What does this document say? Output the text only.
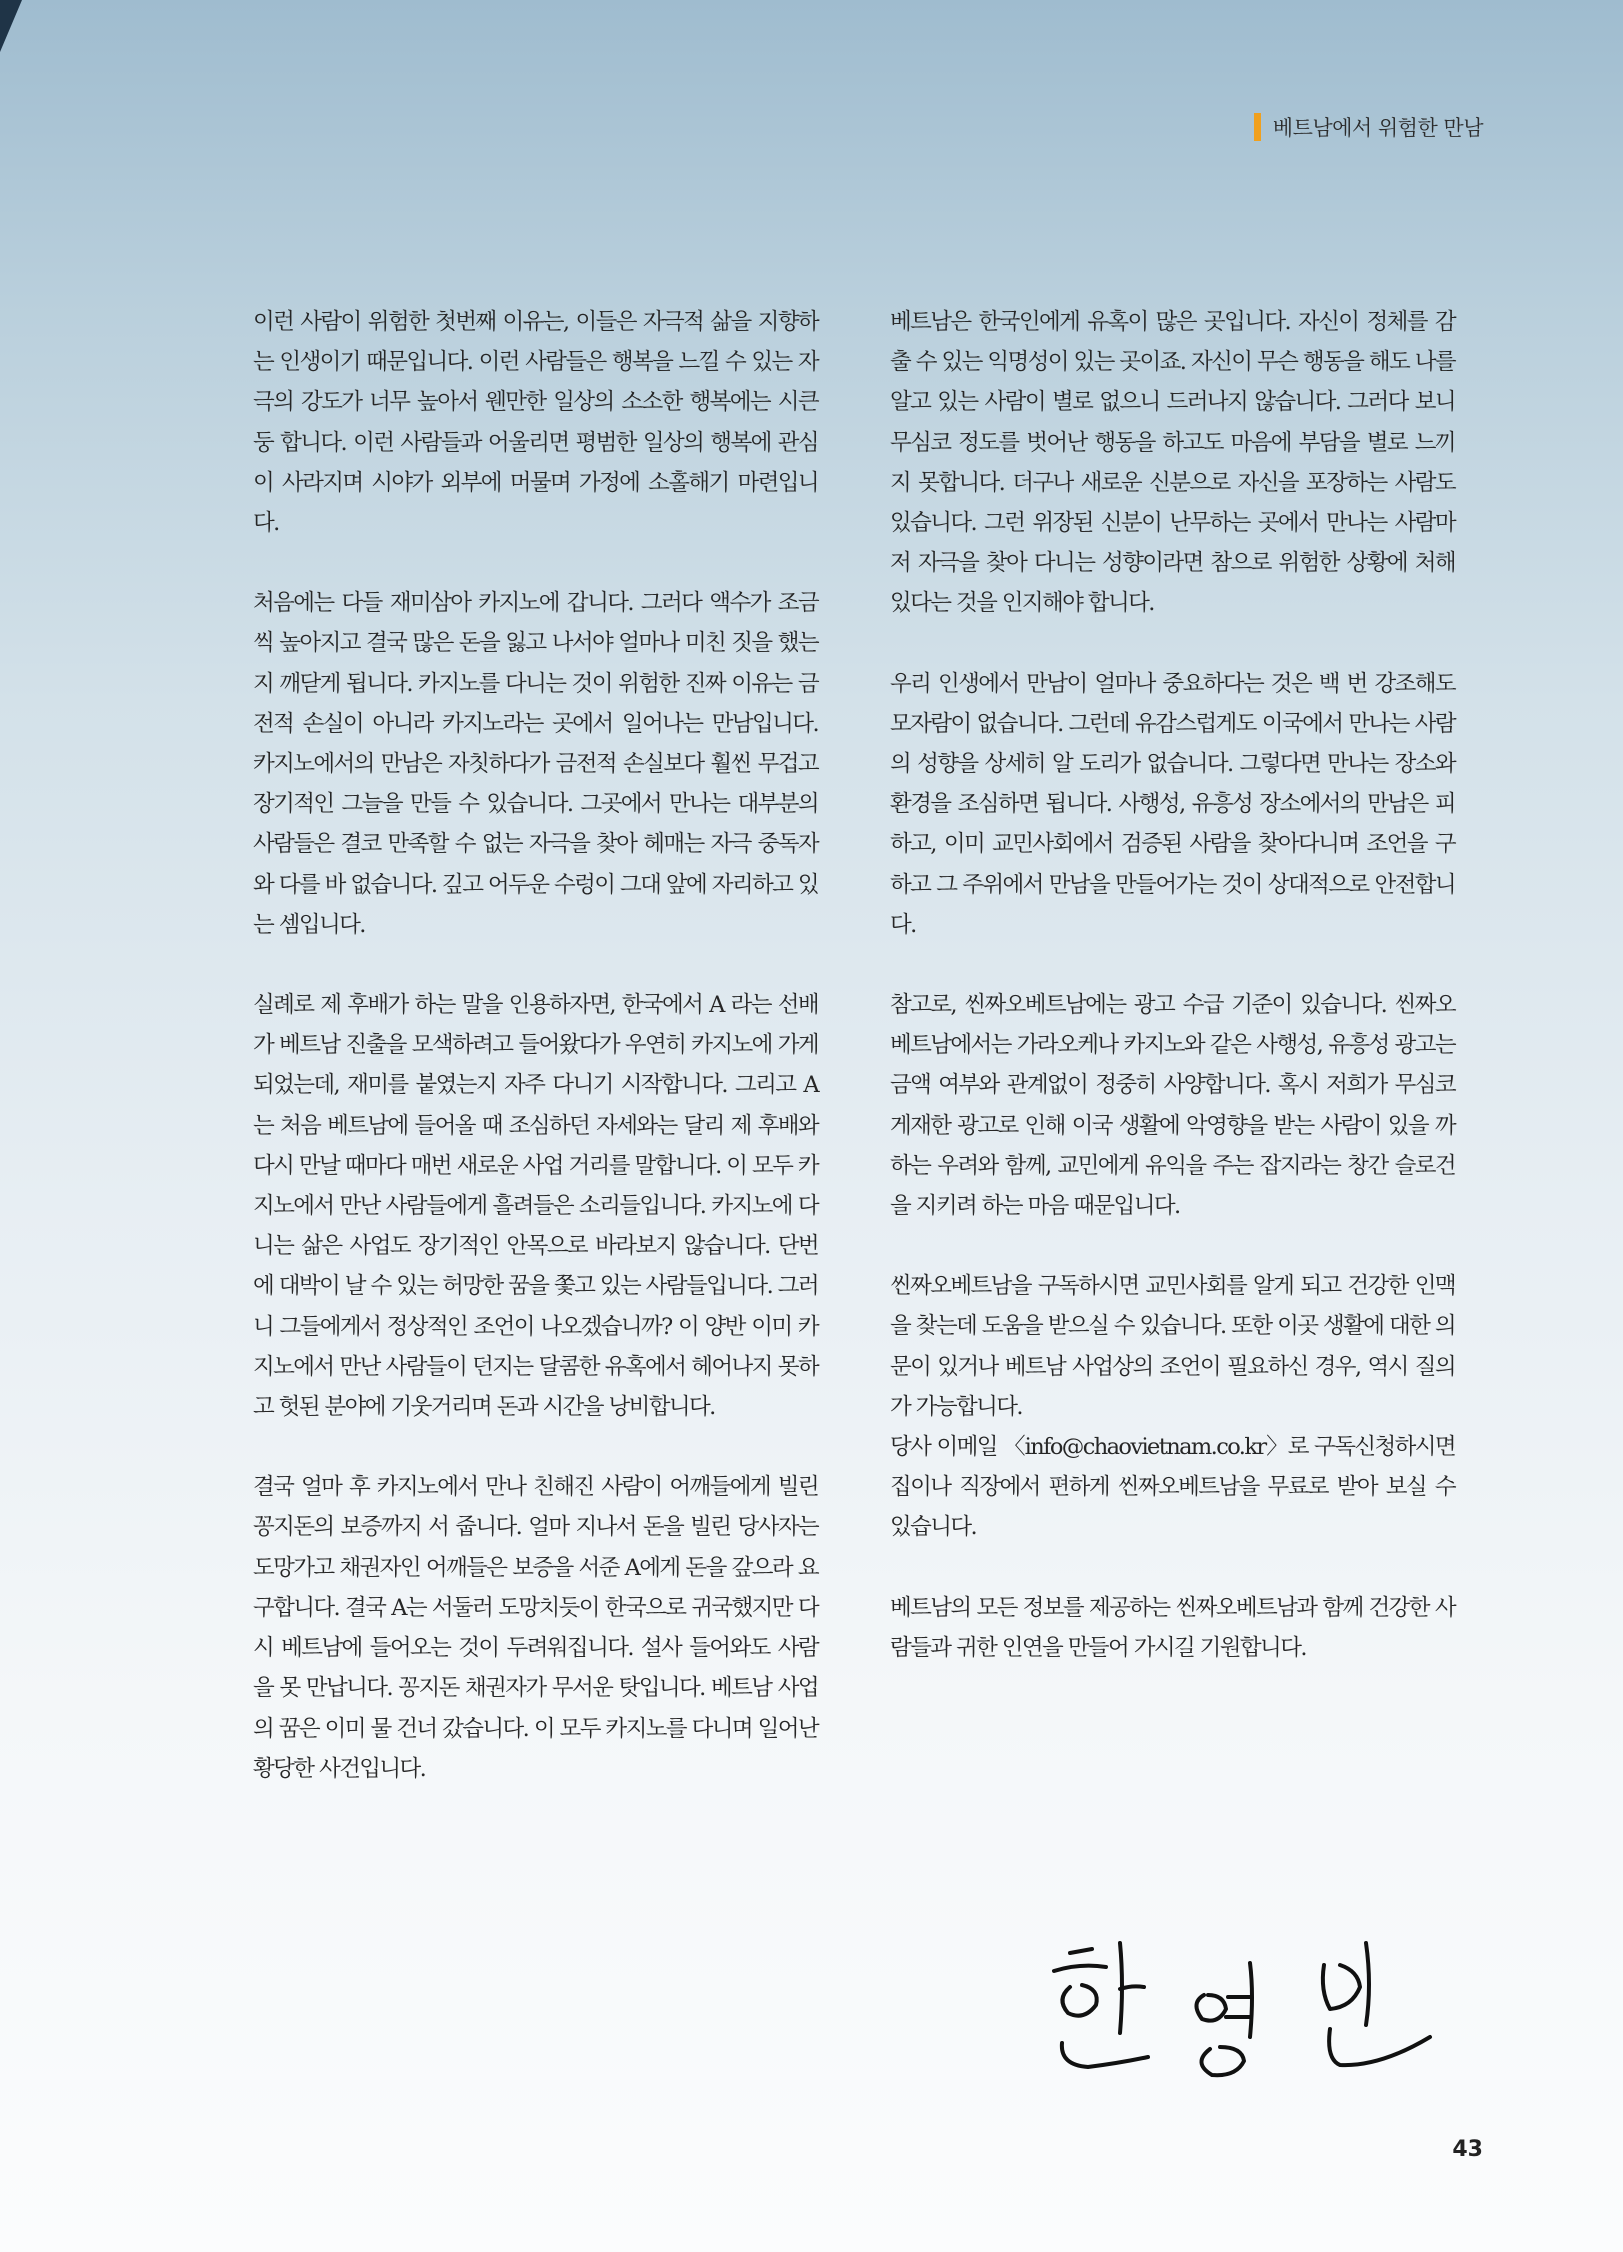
베트남에서 위험한 만남

이런 사람이 위험한 첫번째 이유는, 이들은 자극적 삶을 지향하는 인생이기 때문입니다. 이런 사람들은 행복을 느낄 수 있는 자극의 강도가 너무 높아서 웬만한 일상의 소소한 행복에는 시큰둥 합니다. 이런 사람들과 어울리면 평범한 일상의 행복에 관심이 사라지며 시야가 외부에 머물며 가정에 소홀해기 마련입니다.

처음에는 다들 재미삼아 카지노에 갑니다. 그러다 액수가 조금씩 높아지고 결국 많은 돈을 잃고 나서야 얼마나 미친 짓을 했는지 깨닫게 됩니다. 카지노를 다니는 것이 위험한 진짜 이유는 금전적 손실이 아니라 카지노라는 곳에서 일어나는 만남입니다. 카지노에서의 만남은 자칫하다가 금전적 손실보다 훨씬 무겁고 장기적인 그늘을 만들 수 있습니다. 그곳에서 만나는 대부분의 사람들은 결코 만족할 수 없는 자극을 찾아 헤매는 자극 중독자와 다를 바 없습니다. 깊고 어두운 수렁이 그대 앞에 자리하고 있는 셈입니다.

실례로 제 후배가 하는 말을 인용하자면, 한국에서 A 라는 선배가 베트남 진출을 모색하려고 들어왔다가 우연히 카지노에 가게 되었는데, 재미를 붙였는지 자주 다니기 시작합니다. 그리고 A는 처음 베트남에 들어올 때 조심하던 자세와는 달리 제 후배와 다시 만날 때마다 매번 새로운 사업 거리를 말합니다. 이 모두 카지노에서 만난 사람들에게 흘려들은 소리들입니다. 카지노에 다니는 삶은 사업도 장기적인 안목으로 바라보지 않습니다. 단번에 대박이 날 수 있는 허망한 꿈을 쫓고 있는 사람들입니다. 그러니 그들에게서 정상적인 조언이 나오겠습니까? 이 양반 이미 카지노에서 만난 사람들이 던지는 달콤한 유혹에서 헤어나지 못하고 헛된 분야에 기웃거리며 돈과 시간을 낭비합니다.

결국 얼마 후 카지노에서 만나 친해진 사람이 어깨들에게 빌린 꽁지돈의 보증까지 서 줍니다. 얼마 지나서 돈을 빌린 당사자는 도망가고 채권자인 어깨들은 보증을 서준 A에게 돈을 갚으라 요구합니다. 결국 A는 서둘러 도망치듯이 한국으로 귀국했지만 다시 베트남에 들어오는 것이 두려워집니다. 설사 들어와도 사람을 못 만납니다. 꽁지돈 채권자가 무서운 탓입니다. 베트남 사업의 꿈은 이미 물 건너 갔습니다. 이 모두 카지노를 다니며 일어난 황당한 사건입니다.

베트남은 한국인에게 유혹이 많은 곳입니다. 자신이 정체를 감출 수 있는 익명성이 있는 곳이죠. 자신이 무슨 행동을 해도 나를 알고 있는 사람이 별로 없으니 드러나지 않습니다. 그러다 보니 무심코 정도를 벗어난 행동을 하고도 마음에 부담을 별로 느끼지 못합니다. 더구나 새로운 신분으로 자신을 포장하는 사람도 있습니다. 그런 위장된 신분이 난무하는 곳에서 만나는 사람마저 자극을 찾아 다니는 성향이라면 참으로 위험한 상황에 처해있다는 것을 인지해야 합니다.

우리 인생에서 만남이 얼마나 중요하다는 것은 백 번 강조해도 모자람이 없습니다. 그런데 유감스럽게도 이국에서 만나는 사람의 성향을 상세히 알 도리가 없습니다. 그렇다면 만나는 장소와 환경을 조심하면 됩니다. 사행성, 유흥성 장소에서의 만남은 피하고, 이미 교민사회에서 검증된 사람을 찾아다니며 조언을 구하고 그 주위에서 만남을 만들어가는 것이 상대적으로 안전합니다.

참고로, 씬짜오베트남에는 광고 수급 기준이 있습니다. 씬짜오베트남에서는 가라오케나 카지노와 같은 사행성, 유흥성 광고는 금액 여부와 관계없이 정중히 사양합니다. 혹시 저희가 무심코 게재한 광고로 인해 이국 생활에 악영향을 받는 사람이 있을 까 하는 우려와 함께, 교민에게 유익을 주는 잡지라는 창간 슬로건을 지키려 하는 마음 때문입니다.

씬짜오베트남을 구독하시면 교민사회를 알게 되고 건강한 인맥을 찾는데 도움을 받으실 수 있습니다. 또한 이곳 생활에 대한 의문이 있거나 베트남 사업상의 조언이 필요하신 경우, 역시 질의가 가능합니다.
당사 이메일 〈info@chaovietnam.co.kr〉로 구독신청하시면 집이나 직장에서 편하게 씬짜오베트남을 무료로 받아 보실 수 있습니다.

베트남의 모든 정보를 제공하는 씬짜오베트남과 함께 건강한 사람들과 귀한 인연을 만들어 가시길 기원합니다.

43
